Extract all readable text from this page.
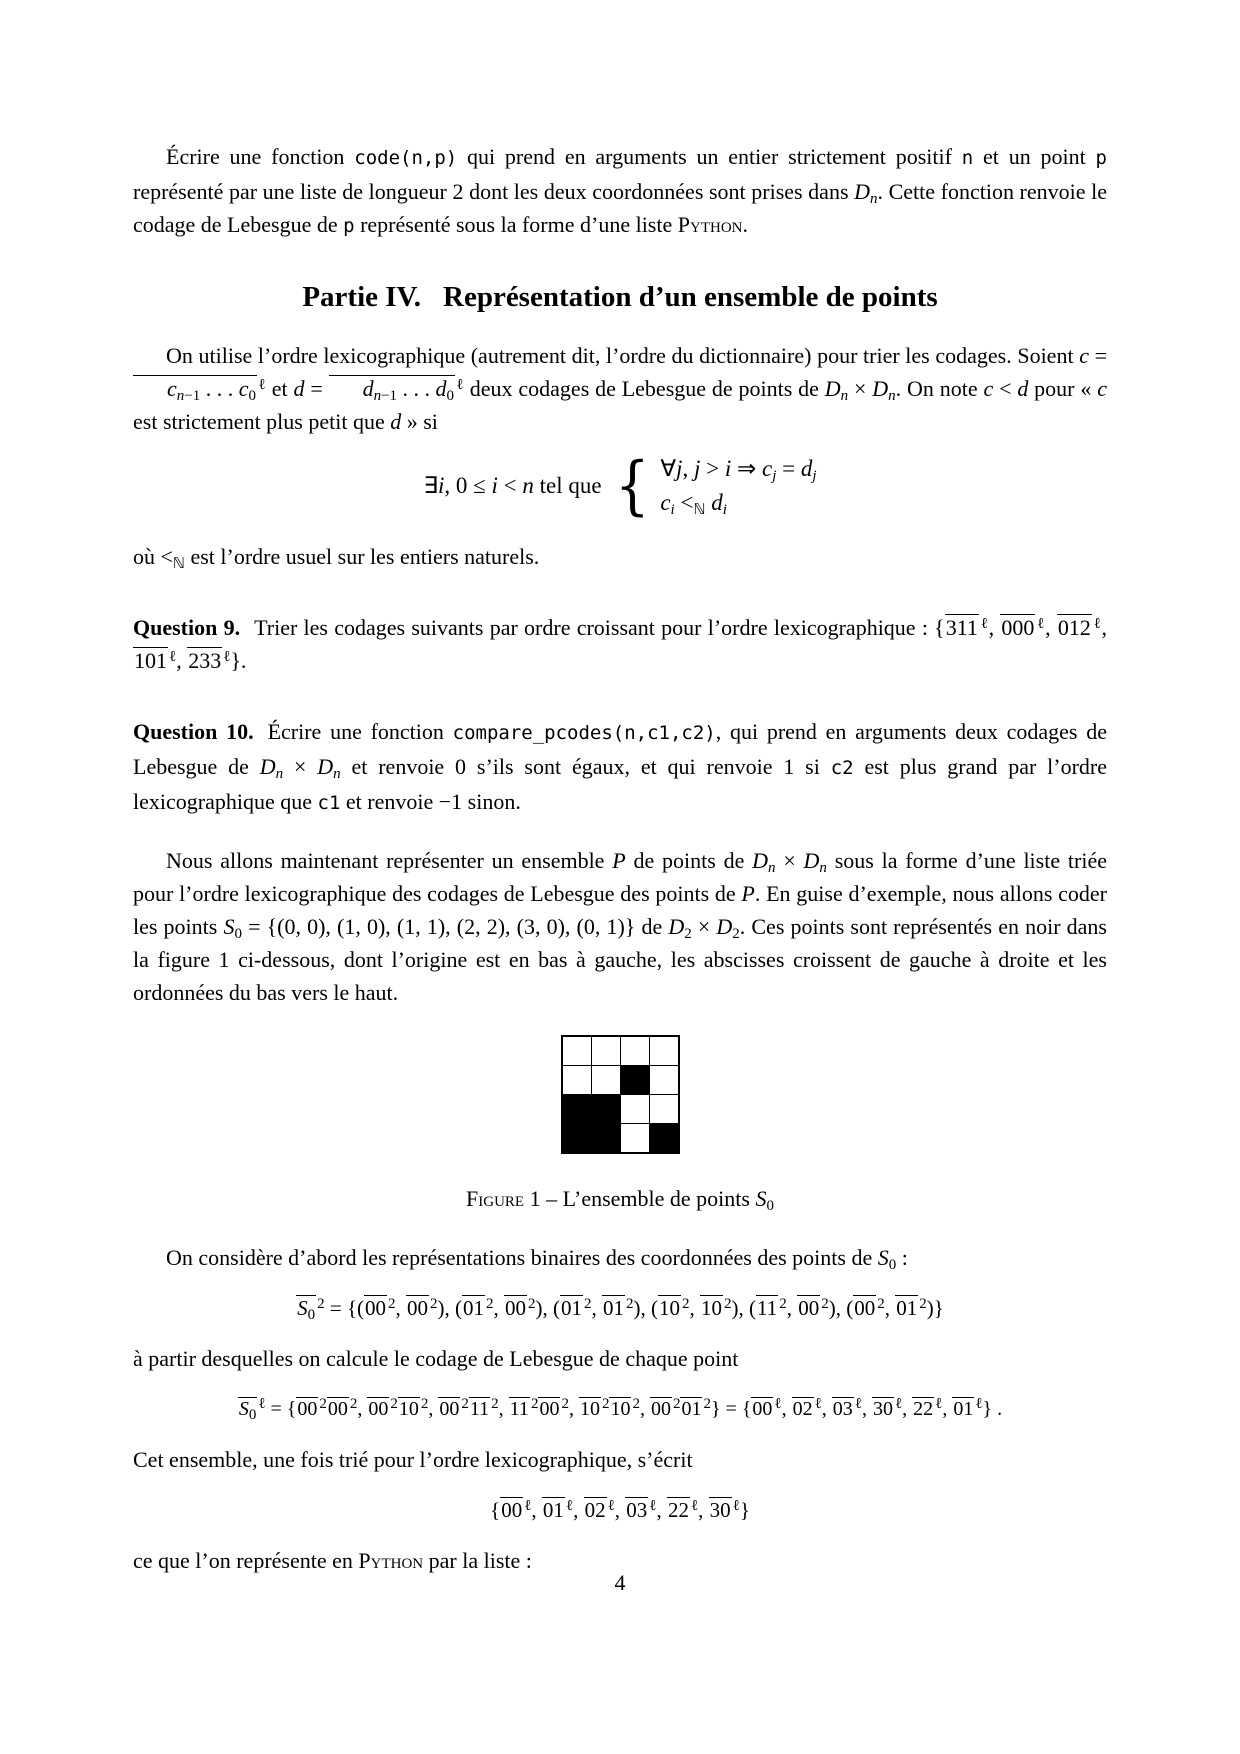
Écrire une fonction code(n,p) qui prend en arguments un entier strictement positif n et un point p représenté par une liste de longueur 2 dont les deux coordonnées sont prises dans $D_n$. Cette fonction renvoie le codage de Lebesgue de p représenté sous la forme d’une liste Python.

Partie IV. Représentation d’un ensemble de points

On utilise l’ordre lexicographique (autrement dit, l’ordre du dictionnaire) pour trier les codages. Soient $c = c_{n-1}$ . . . $c_0^\ell$ et $d = d_{n-1}$ . . . $d_0^\ell$ deux codages de Lebesgue de points de $D_n \times D_n$. On note c < d pour « c est strictement plus petit que d » si

∃i, 0 ≤ i < n tel que { ∀j, j > i ⇒ $c_j = d_j$
$c_i <_ℕ$ $d_i$

où $<_ℕ$ est l’ordre usuel sur les entiers naturels.

Question 9. Trier les codages suivants par ordre croissant pour l’ordre lexicographique : {311 $^\ell$, 000 $^\ell$, 012 $^\ell$, 101 $^\ell$, 233 $^\ell$}.

Question 10. Écrire une fonction compare_pcodes(n,c1,c2), qui prend en arguments deux codages de Lebesgue de $D_n \times D_n$ et renvoie 0 s’ils sont égaux, et qui renvoie 1 si c2 est plus grand par l’ordre lexicographique que c1 et renvoie −1 sinon.

Nous allons maintenant représenter un ensemble P de points de $D_n \times D_n$ sous la forme d’une liste triée pour l’ordre lexicographique des codages de Lebesgue des points de P. En guise d’exemple, nous allons coder les points $S_0 = \{(0$, 0), (1, 0), (1, 1), (2, 2), (3, 0), (0, 1)} de $D_2 \times D_2$. Ces points sont représentés en noir dans la figure 1 ci-dessous, dont l’origine est en bas à gauche, les abscisses croissent de gauche à droite et les ordonnées du bas vers le haut.

Figure 1 – L’ensemble de points $S_0$

On considère d’abord les représentations binaires des coordonnées des points de $S_0$ :

$S_0^2 = \{(00$ $^2$, 00 $^2$), (01 $^2$, 00 $^2$), (01 $^2$, 01 $^2$), (10 $^2$, 10 $^2$), (11 $^2$, 00 $^2$), (00 $^2$, 01 $^2$)}

à partir desquelles on calcule le codage de Lebesgue de chaque point

$S_0^\ell = \{00$ $^2$00 $^2$, 00 $^2$10 $^2$, 00 $^2$11 $^2$, 11 $^2$00 $^2$, 10 $^2$10 $^2$, 00 $^2$01 $^2$} = {00 $^\ell$, 02 $^\ell$, 03 $^\ell$, 30 $^\ell$, 22 $^\ell$, 01 $^\ell$} .

Cet ensemble, une fois trié pour l’ordre lexicographique, s’écrit

{00 $^\ell$, 01 $^\ell$, 02 $^\ell$, 03 $^\ell$, 22 $^\ell$, 30 $^\ell$}

ce que l’on représente en Python par la liste :

4
